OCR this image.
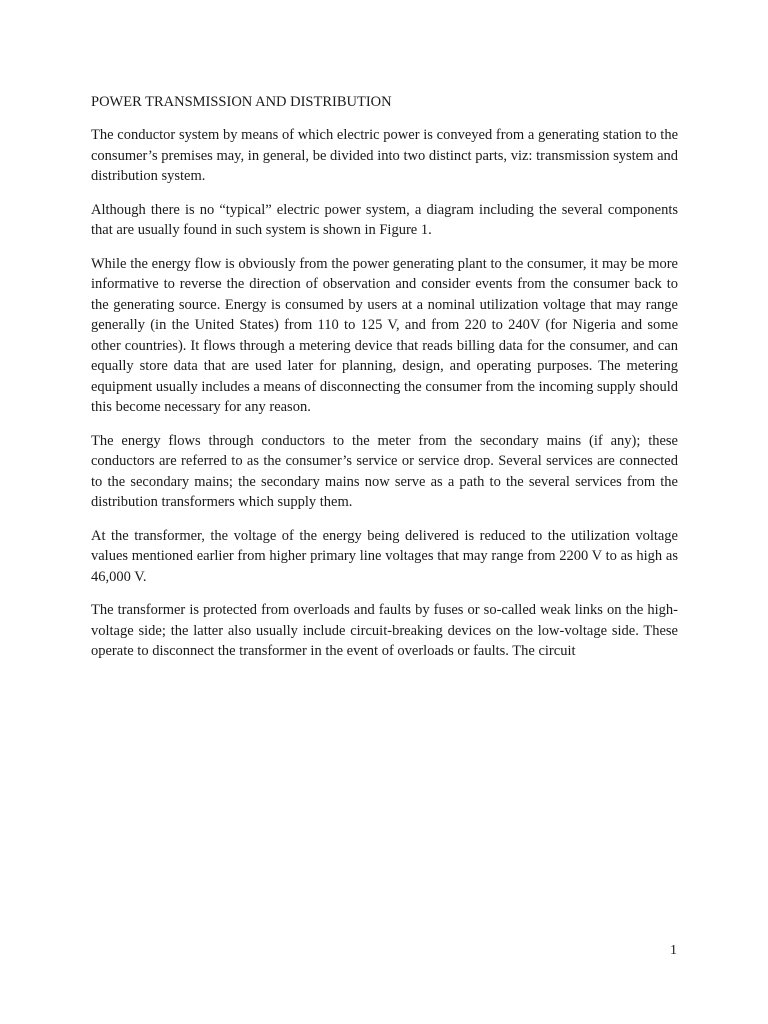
POWER TRANSMISSION AND DISTRIBUTION

The conductor system by means of which electric power is conveyed from a generating station to the consumer’s premises may, in general, be divided into two distinct parts, viz: transmission system and distribution system.

Although there is no “typical” electric power system, a diagram including the several components that are usually found in such system is shown in Figure 1.

While the energy flow is obviously from the power generating plant to the consumer, it may be more informative to reverse the direction of observation and consider events from the consumer back to the generating source. Energy is consumed by users at a nominal utilization voltage that may range generally (in the United States) from 110 to 125 V, and from 220 to 240V (for Nigeria and some other countries). It flows through a metering device that reads billing data for the consumer, and can equally store data that are used later for planning, design, and operating purposes. The metering equipment usually includes a means of disconnecting the consumer from the incoming supply should this become necessary for any reason.

The energy flows through conductors to the meter from the secondary mains (if any); these conductors are referred to as the consumer’s service or service drop. Several services are connected to the secondary mains; the secondary mains now serve as a path to the several services from the distribution transformers which supply them.

At the transformer, the voltage of the energy being delivered is reduced to the utilization voltage values mentioned earlier from higher primary line voltages that may range from 2200 V to as high as 46,000 V.

The transformer is protected from overloads and faults by fuses or so-called weak links on the high-voltage side; the latter also usually include circuit-breaking devices on the low-voltage side. These operate to disconnect the transformer in the event of overloads or faults. The circuit

1
